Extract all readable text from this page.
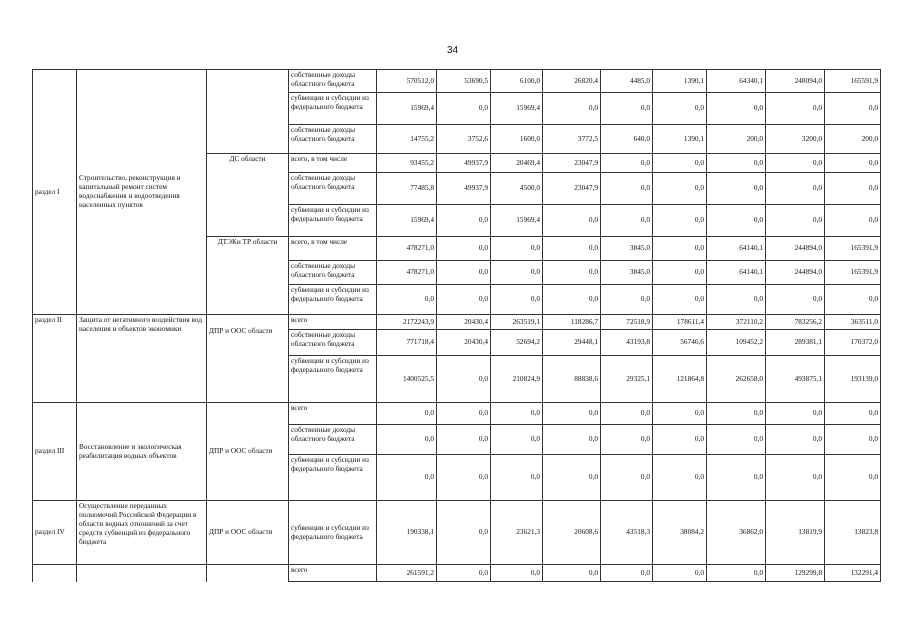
34
раздел I	Строительство, реконструкция и капитальный ремонт систем водоснабжения и водоотведения населенных пунктов		собственные доходы областного бюджета	570512,0	53690,5	6100,0	26820,4	4485,0	1390,1	64340,1	248094,0	165591,9
			субвенции и субсидии из федерального бюджета	15969,4	0,0	15969,4	0,0	0,0	0,0	0,0	0,0	0,0
			собственные доходы областного бюджета	14755,2	3752,6	1600,0	3772,5	640,0	1390,1	200,0	3200,0	200,0
		ДС области	всего, в том числе	93455,2	49937,9	20469,4	23047,9	0,0	0,0	0,0	0,0	0,0
			собственные доходы областного бюджета	77485,8	49937,9	4500,0	23047,9	0,0	0,0	0,0	0,0	0,0
			субвенции и субсидии из федерального бюджета	15969,4	0,0	15969,4	0,0	0,0	0,0	0,0	0,0	0,0
		ДТЭКи ТР области	всего, в том числе	478271,0	0,0	0,0	0,0	3845,0	0,0	64140,1	244894,0	165391,9
			собственные доходы областного бюджета	478271,0	0,0	0,0	0,0	3845,0	0,0	64140,1	244894,0	165391,9
			субвенции и субсидии из федерального бюджета	0,0	0,0	0,0	0,0	0,0	0,0	0,0	0,0	0,0
раздел II	Защита от негативного воздействия вод населения и объектов экономики	ДПР и ООС области	всего	2172243,9	20430,4	263519,1	118286,7	72518,9	178611,4	372110,2	783256,2	363511,0
			собственные доходы областного бюджета	771718,4	20430,4	52694,2	29448,1	43193,8	56746,6	109452,2	289381,1	170372,0
			субвенции и субсидии из федерального бюджета	1400525,5	0,0	210824,9	88838,6	29325,1	121864,8	262658,0	493875,1	193139,0
раздел III	Восстановление и экологическая реабилитация водных объектов	ДПР и ООС области	всего	0,0	0,0	0,0	0,0	0,0	0,0	0,0	0,0	0,0
			собственные доходы областного бюджета	0,0	0,0	0,0	0,0	0,0	0,0	0,0	0,0	0,0
			субвенции и субсидии из федерального бюджета	0,0	0,0	0,0	0,0	0,0	0,0	0,0	0,0	0,0
раздел IV	Осуществление переданных полномочий Российской Федерации в области водных отношений за счет средств субвенций из федерального бюджета	ДПР и ООС области	субвенции и субсидии из федерального бюджета	190338,1	0,0	23621,3	20608,6	43518,3	38084,2	36862,0	13819,9	13823,8
			всего	261591,2	0,0	0,0	0,0	0,0	0,0	0,0	129299,8	132291,4
